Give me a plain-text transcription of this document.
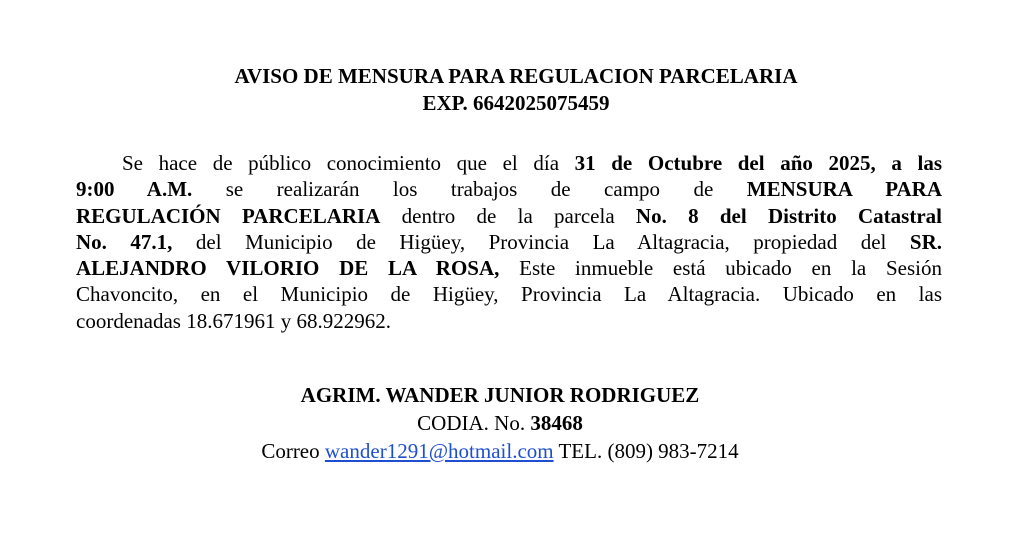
AVISO DE MENSURA PARA REGULACION PARCELARIA
EXP. 6642025075459
Se hace de público conocimiento que el día 31 de Octubre del año 2025, a las
9:00 A.M. se realizarán los trabajos de campo de MENSURA PARA
REGULACIÓN PARCELARIA dentro de la parcela No. 8 del Distrito Catastral
No. 47.1, del Municipio de Higüey, Provincia La Altagracia, propiedad del SR.
ALEJANDRO VILORIO DE LA ROSA, Este inmueble está ubicado en la Sesión
Chavoncito, en el Municipio de Higüey, Provincia La Altagracia. Ubicado en las
coordenadas 18.671961 y 68.922962.
AGRIM. WANDER JUNIOR RODRIGUEZ
CODIA. No. 38468
Correo wander1291@hotmail.com TEL. (809) 983-7214
